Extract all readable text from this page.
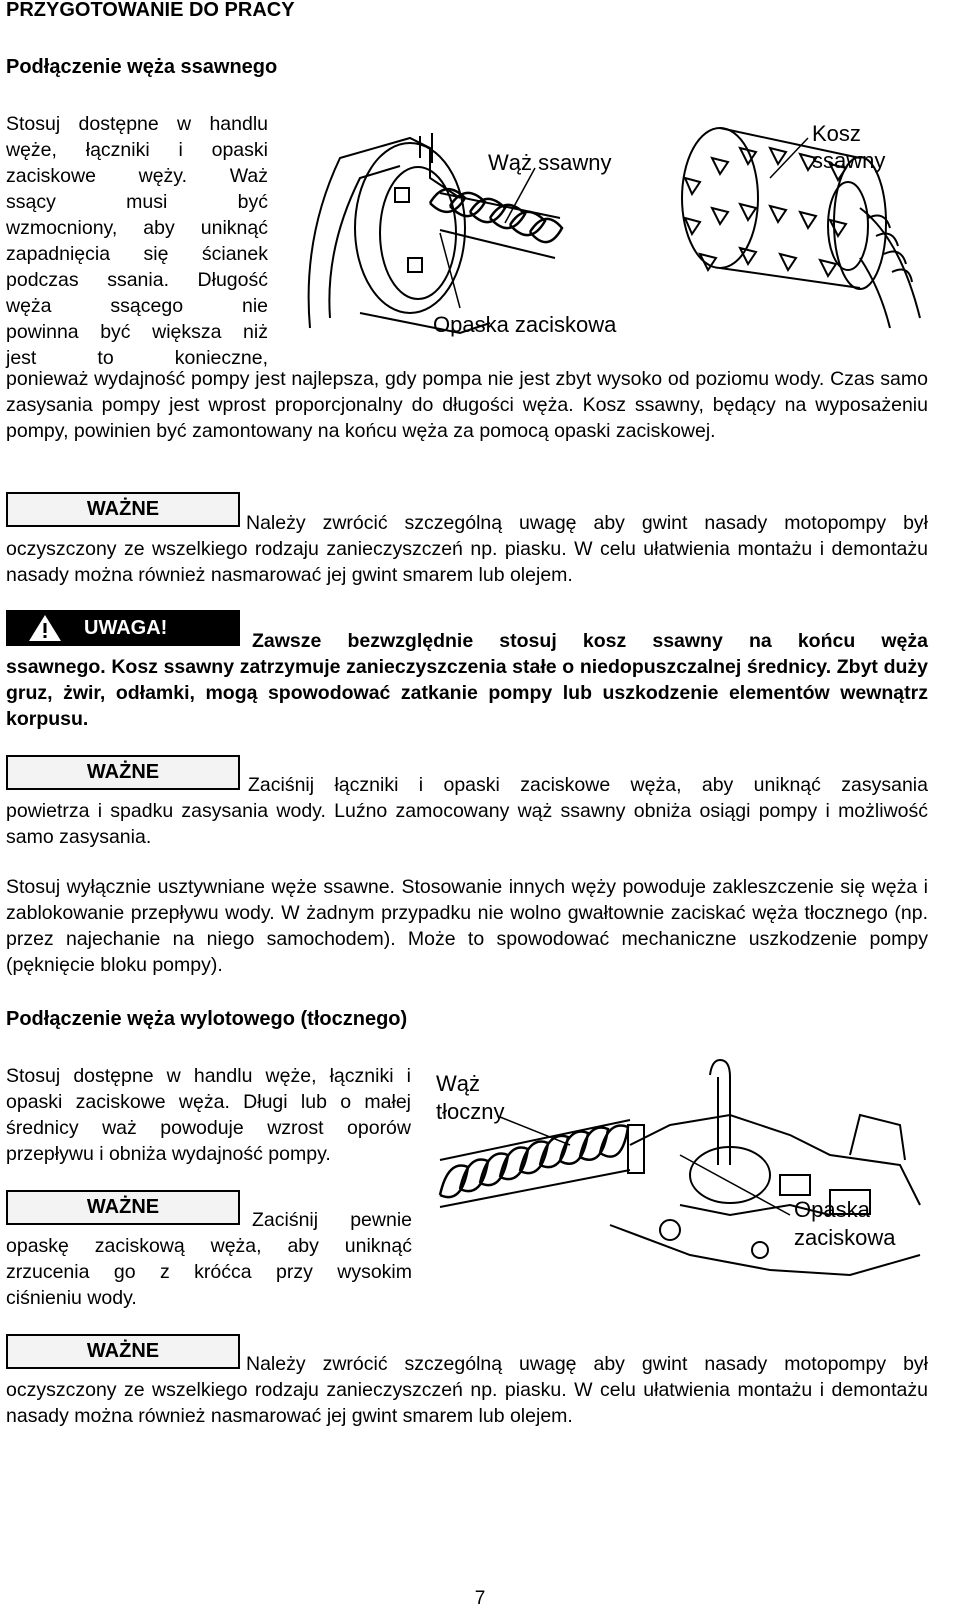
PRZYGOTOWANIE DO PRACY
Podłączenie węża ssawnego
Stosuj dostępne w handlu
węże, łączniki i opaski
zaciskowe węży. Waż
ssący musi być
wzmocniony, aby uniknąć
zapadnięcia się ścianek
podczas ssania. Długość
węża ssącego nie
powinna być większa niż
jest to konieczne,
Wąż ssawny
Kosz
ssawny
Opaska zaciskowa
ponieważ wydajność pompy jest najlepsza, gdy pompa nie jest zbyt wysoko od poziomu wody. Czas samo zasysania pompy jest wprost proporcjonalny do długości węża. Kosz ssawny, będący na wyposażeniu pompy, powinien być zamontowany na końcu węża za pomocą opaski zaciskowej.
WAŻNE
Należy zwrócić szczególną uwagę aby gwint nasady motopompy był
oczyszczony ze wszelkiego rodzaju zanieczyszczeń np. piasku. W celu ułatwienia montażu i demontażu nasady można również nasmarować jej gwint smarem lub olejem.
UWAGA!
Zawsze bezwzględnie stosuj kosz ssawny na końcu węża
ssawnego. Kosz ssawny zatrzymuje zanieczyszczenia stałe o niedopuszczalnej średnicy. Zbyt duży gruz, żwir, odłamki, mogą spowodować zatkanie pompy lub uszkodzenie elementów wewnątrz korpusu.
WAŻNE
Zaciśnij łączniki i opaski zaciskowe węża, aby uniknąć zasysania
powietrza i spadku zasysania wody. Luźno zamocowany wąż ssawny obniża osiągi pompy i możliwość samo zasysania.
Stosuj wyłącznie usztywniane węże ssawne. Stosowanie innych węży powoduje zakleszczenie się węża i zablokowanie przepływu wody. W żadnym przypadku nie wolno gwałtownie zaciskać węża tłocznego (np. przez najechanie na niego samochodem). Może to spowodować mechaniczne uszkodzenie pompy (pęknięcie bloku pompy).
Podłączenie węża wylotowego (tłocznego)
Stosuj dostępne w handlu węże, łączniki i
opaski zaciskowe węża. Długi lub o małej
średnicy waż powoduje wzrost oporów
przepływu i obniża wydajność pompy.
Wąż
tłoczny
Opaska
zaciskowa
WAŻNE
Zaciśnij pewnie
opaskę zaciskową węża, aby uniknąć
zrzucenia go z króćca przy wysokim
ciśnieniu wody.
WAŻNE
Należy zwrócić szczególną uwagę aby gwint nasady motopompy był
oczyszczony ze wszelkiego rodzaju zanieczyszczeń np. piasku. W celu ułatwienia montażu i demontażu nasady można również nasmarować jej gwint smarem lub olejem.
7
